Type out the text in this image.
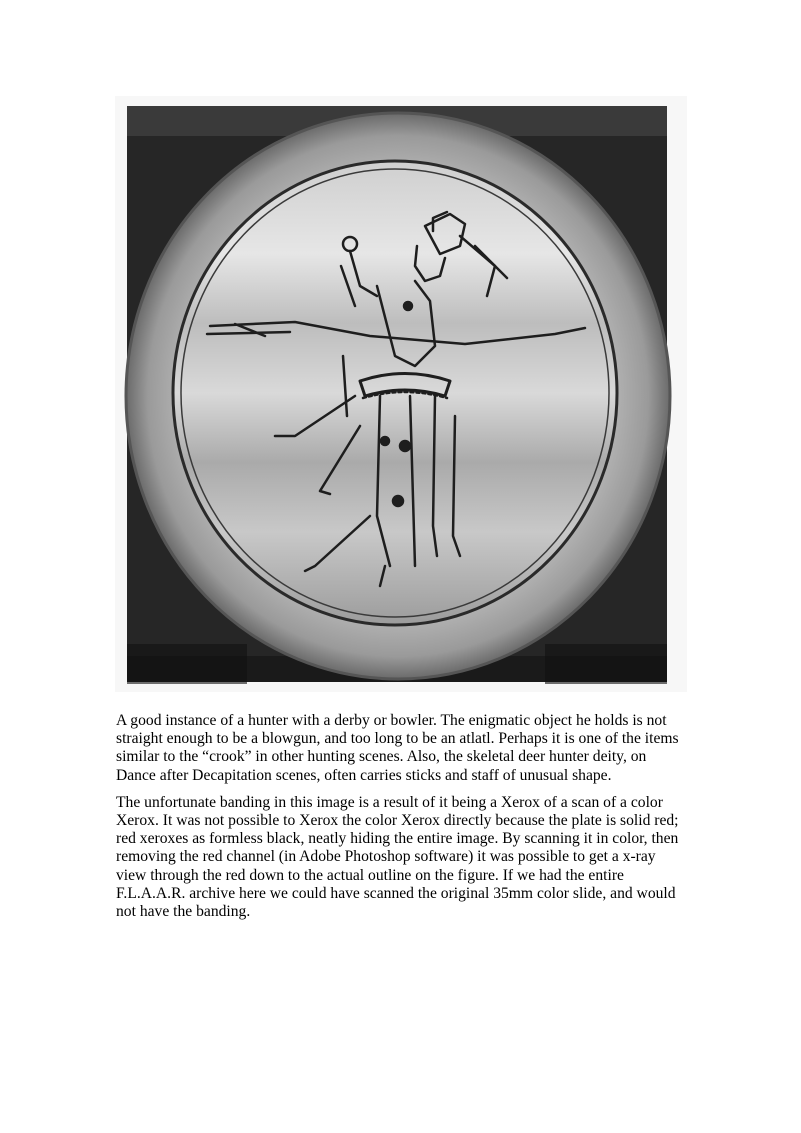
A good instance of a hunter with a derby or bowler. The enigmatic object he holds is not straight enough to be a blowgun, and too long to be an atlatl. Perhaps it is one of the items similar to the “crook” in other hunting scenes. Also, the skeletal deer hunter deity, on Dance after Decapitation scenes, often carries sticks and staff of unusual shape.

The unfortunate banding in this image is a result of it being a Xerox of a scan of a color Xerox. It was not possible to Xerox the color Xerox directly because the plate is solid red; red xeroxes as formless black, neatly hiding the entire image. By scanning it in color, then removing the red channel (in Adobe Photoshop software) it was possible to get a x-ray view through the red down to the actual outline on the figure. If we had the entire F.L.A.A.R. archive here we could have scanned the original 35mm color slide, and would not have the banding.
